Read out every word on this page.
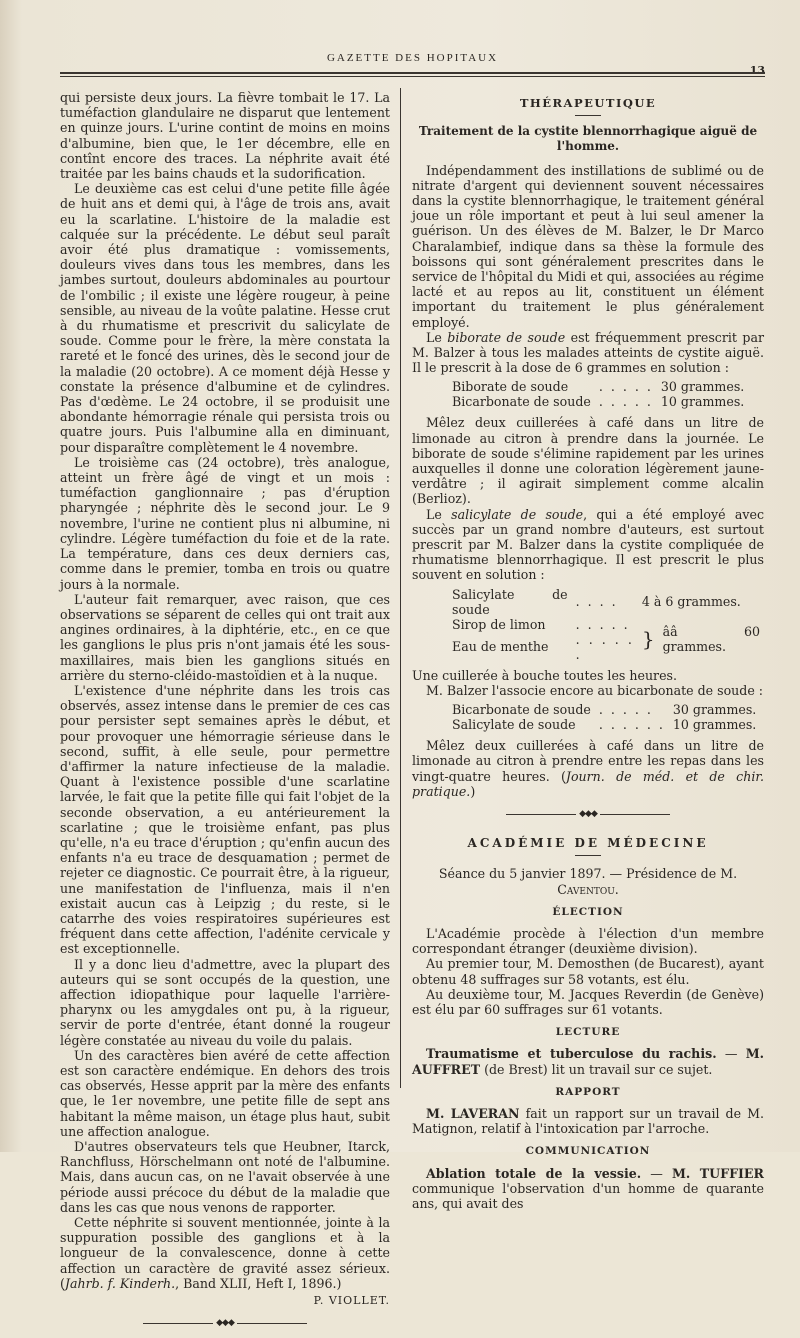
GAZETTE DES HOPITAUX
13

qui persiste deux jours. La fièvre tombait le 17. La tuméfaction glandulaire ne disparut que lentement en quinze jours. L'urine contint de moins en moins d'albumine, bien que, le 1er décembre, elle en contînt encore des traces. La néphrite avait été traitée par les bains chauds et la sudorification.

Le deuxième cas est celui d'une petite fille âgée de huit ans et demi qui, à l'âge de trois ans, avait eu la scarlatine. L'histoire de la maladie est calquée sur la précédente. Le début seul paraît avoir été plus dramatique : vomissements, douleurs vives dans tous les membres, dans les jambes surtout, douleurs abdominales au pourtour de l'ombilic ; il existe une légère rougeur, à peine sensible, au niveau de la voûte palatine. Hesse crut à du rhumatisme et prescrivit du salicylate de soude. Comme pour le frère, la mère constata la rareté et le foncé des urines, dès le second jour de la maladie (20 octobre). A ce moment déjà Hesse y constate la présence d'albumine et de cylindres. Pas d'œdème. Le 24 octobre, il se produisit une abondante hémorragie rénale qui persista trois ou quatre jours. Puis l'albumine alla en diminuant, pour disparaître complètement le 4 novembre.

Le troisième cas (24 octobre), très analogue, atteint un frère âgé de vingt et un mois : tuméfaction ganglionnaire ; pas d'éruption pharyngée ; néphrite dès le second jour. Le 9 novembre, l'urine ne contient plus ni albumine, ni cylindre. Légère tuméfaction du foie et de la rate. La température, dans ces deux derniers cas, comme dans le premier, tomba en trois ou quatre jours à la normale.

L'auteur fait remarquer, avec raison, que ces observations se séparent de celles qui ont trait aux angines ordinaires, à la diphtérie, etc., en ce que les ganglions le plus pris n'ont jamais été les sous-maxillaires, mais bien les ganglions situés en arrière du sterno-cléido-mastoïdien et à la nuque.

L'existence d'une néphrite dans les trois cas observés, assez intense dans le premier de ces cas pour persister sept semaines après le début, et pour provoquer une hémorragie sérieuse dans le second, suffit, à elle seule, pour permettre d'affirmer la nature infectieuse de la maladie. Quant à l'existence possible d'une scarlatine larvée, le fait que la petite fille qui fait l'objet de la seconde observation, a eu antérieurement la scarlatine ; que le troisième enfant, pas plus qu'elle, n'a eu trace d'éruption ; qu'enfin aucun des enfants n'a eu trace de desquamation ; permet de rejeter ce diagnostic. Ce pourrait être, à la rigueur, une manifestation de l'influenza, mais il n'en existait aucun cas à Leipzig ; du reste, si le catarrhe des voies respiratoires supérieures est fréquent dans cette affection, l'adénite cervicale y est exceptionnelle.

Il y a donc lieu d'admettre, avec la plupart des auteurs qui se sont occupés de la question, une affection idiopathique pour laquelle l'arrière-pharynx ou les amygdales ont pu, à la rigueur, servir de porte d'entrée, étant donné la rougeur légère constatée au niveau du voile du palais.

Un des caractères bien avéré de cette affection est son caractère endémique. En dehors des trois cas observés, Hesse apprit par la mère des enfants que, le 1er novembre, une petite fille de sept ans habitant la même maison, un étage plus haut, subit une affection analogue.

D'autres observateurs tels que Heubner, Itarck, Ranchfluss, Hörschelmann ont noté de l'albumine. Mais, dans aucun cas, on ne l'avait observée à une période aussi précoce du début de la maladie que dans les cas que nous venons de rapporter.

Cette néphrite si souvent mentionnée, jointe à la suppuration possible des ganglions et à la longueur de la convalescence, donne à cette affection un caractère de gravité assez sérieux. (Jahrb. f. Kinderh., Band XLII, Heft I, 1896.)

P. VIOLLET.
◆◆◆
THÉRAPEUTIQUE
Traitement de la cystite blennorrhagique aiguë de l'homme.

Indépendamment des instillations de sublimé ou de nitrate d'argent qui deviennent souvent nécessaires dans la cystite blennorrhagique, le traitement général joue un rôle important et peut à lui seul amener la guérison. Un des élèves de M. Balzer, le Dr Marco Charalambief, indique dans sa thèse la formule des boissons qui sont généralement prescrites dans le service de l'hôpital du Midi et qui, associées au régime lacté et au repos au lit, constituent un élément important du traitement le plus généralement employé.

Le biborate de soude est fréquemment prescrit par M. Balzer à tous les malades atteints de cystite aiguë. Il le prescrit à la dose de 6 grammes en solution :

Biborate de soude	. . . . .	30 grammes.
Bicarbonate de soude	. . . . .	10 grammes.

Mêlez deux cuillerées à café dans un litre de limonade au citron à prendre dans la journée. Le biborate de soude s'élimine rapidement par les urines auxquelles il donne une coloration légèrement jaune-verdâtre ; il agirait simplement comme alcalin (Berlioz).

Le salicylate de soude, qui a été employé avec succès par un grand nombre d'auteurs, est surtout prescrit par M. Balzer dans la cystite compliquée de rhumatisme blennorrhagique. Il est prescrit le plus souvent en solution :

Salicylate de soude	. . . .	4 à 6 grammes.	
Sirop de limon	. . . . .	}	ââ 60 grammes.
Eau de menthe	. . . . . .		

Une cuillerée à bouche toutes les heures.

M. Balzer l'associe encore au bicarbonate de soude :

Bicarbonate de soude	. . . . .	30 grammes.
Salicylate de soude	. . . . . .	10 grammes.

Mêlez deux cuillerées à café dans un litre de limonade au citron à prendre entre les repas dans les vingt-quatre heures. (Journ. de méd. et de chir. pratique.)

◆◆◆
ACADÉMIE DE MÉDECINE
Séance du 5 janvier 1897. — Présidence de M. Caventou.
ÉLECTION

L'Académie procède à l'élection d'un membre correspondant étranger (deuxième division).

Au premier tour, M. Demosthen (de Bucarest), ayant obtenu 48 suffrages sur 58 votants, est élu.

Au deuxième tour, M. Jacques Reverdin (de Genève) est élu par 60 suffrages sur 61 votants.

LECTURE

Traumatisme et tuberculose du rachis. — M. AUFFRET (de Brest) lit un travail sur ce sujet.

RAPPORT

M. LAVERAN fait un rapport sur un travail de M. Matignon, relatif à l'intoxication par l'arroche.

COMMUNICATION

Ablation totale de la vessie. — M. TUFFIER communique l'observation d'un homme de quarante ans, qui avait des
